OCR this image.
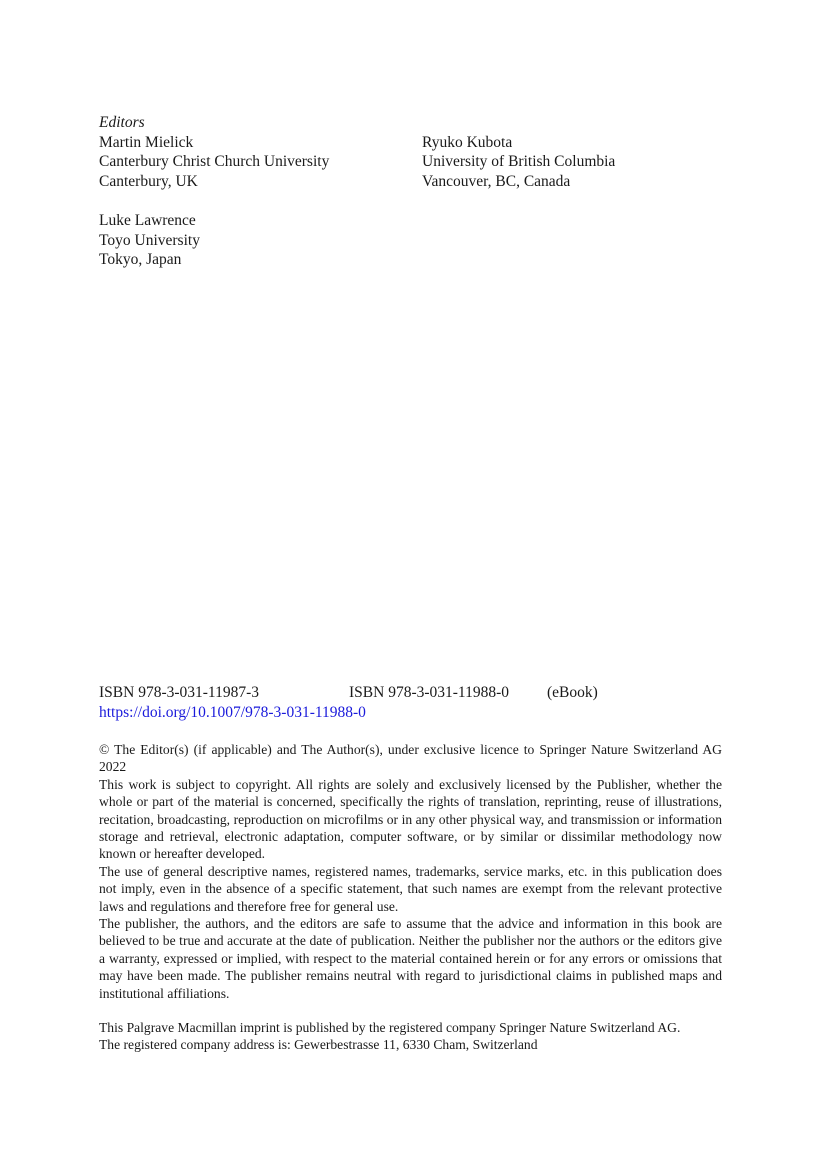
Editors
Martin Mielick
Canterbury Christ Church University
Canterbury, UK
Ryuko Kubota
University of British Columbia
Vancouver, BC, Canada
Luke Lawrence
Toyo University
Tokyo, Japan
ISBN 978-3-031-11987-3	ISBN 978-3-031-11988-0 (eBook)
https://doi.org/10.1007/978-3-031-11988-0

© The Editor(s) (if applicable) and The Author(s), under exclusive licence to Springer Nature Switzerland AG 2022

This work is subject to copyright. All rights are solely and exclusively licensed by the Publisher, whether the whole or part of the material is concerned, specifically the rights of translation, reprinting, reuse of illustrations, recitation, broadcasting, reproduction on microfilms or in any other physical way, and transmission or information storage and retrieval, electronic adaptation, computer software, or by similar or dissimilar methodology now known or hereafter developed.

The use of general descriptive names, registered names, trademarks, service marks, etc. in this publication does not imply, even in the absence of a specific statement, that such names are exempt from the relevant protective laws and regulations and therefore free for general use.

The publisher, the authors, and the editors are safe to assume that the advice and information in this book are believed to be true and accurate at the date of publication. Neither the publisher nor the authors or the editors give a warranty, expressed or implied, with respect to the material contained herein or for any errors or omissions that may have been made. The publisher remains neutral with regard to jurisdictional claims in published maps and institutional affiliations.

This Palgrave Macmillan imprint is published by the registered company Springer Nature Switzerland AG.

The registered company address is: Gewerbestrasse 11, 6330 Cham, Switzerland
